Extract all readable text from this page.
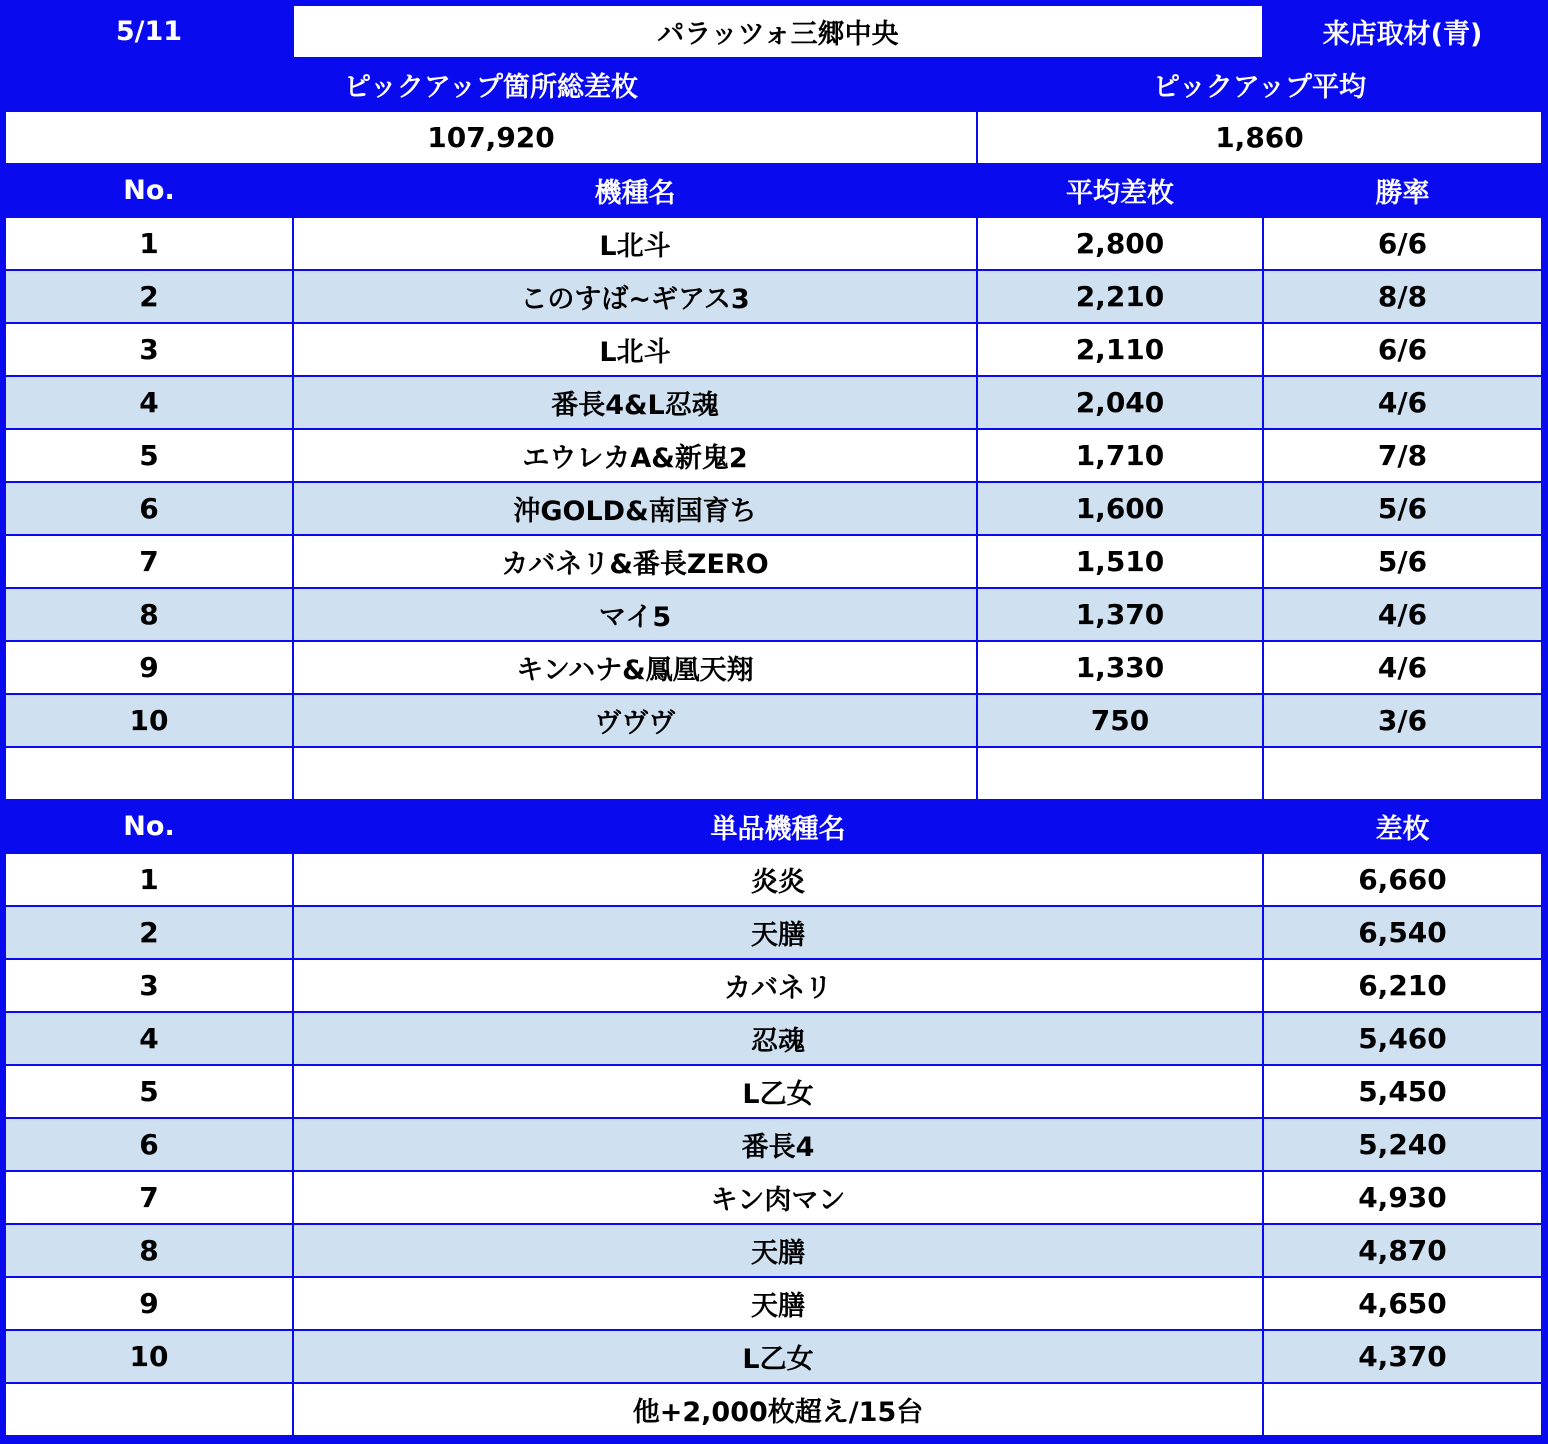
5/11	パラッツォ三郷中央	来店取材(青)
ピックアップ箇所総差枚	ピックアップ平均
107,920	1,860
No.	機種名	平均差枚	勝率
1	L北斗	2,800	6/6
2	このすば~ギアス3	2,210	8/8
3	L北斗	2,110	6/6
4	番長4&L忍魂	2,040	4/6
5	エウレカA&新鬼2	1,710	7/8
6	沖GOLD&南国育ち	1,600	5/6
7	カバネリ&番長ZERO	1,510	5/6
8	マイ5	1,370	4/6
9	キンハナ&鳳凰天翔	1,330	4/6
10	ヴヴヴ	750	3/6
No.	単品機種名	差枚
1	炎炎	6,660
2	天膳	6,540
3	カバネリ	6,210
4	忍魂	5,460
5	L乙女	5,450
6	番長4	5,240
7	キン肉マン	4,930
8	天膳	4,870
9	天膳	4,650
10	L乙女	4,370
他+2,000枚超え/15台
